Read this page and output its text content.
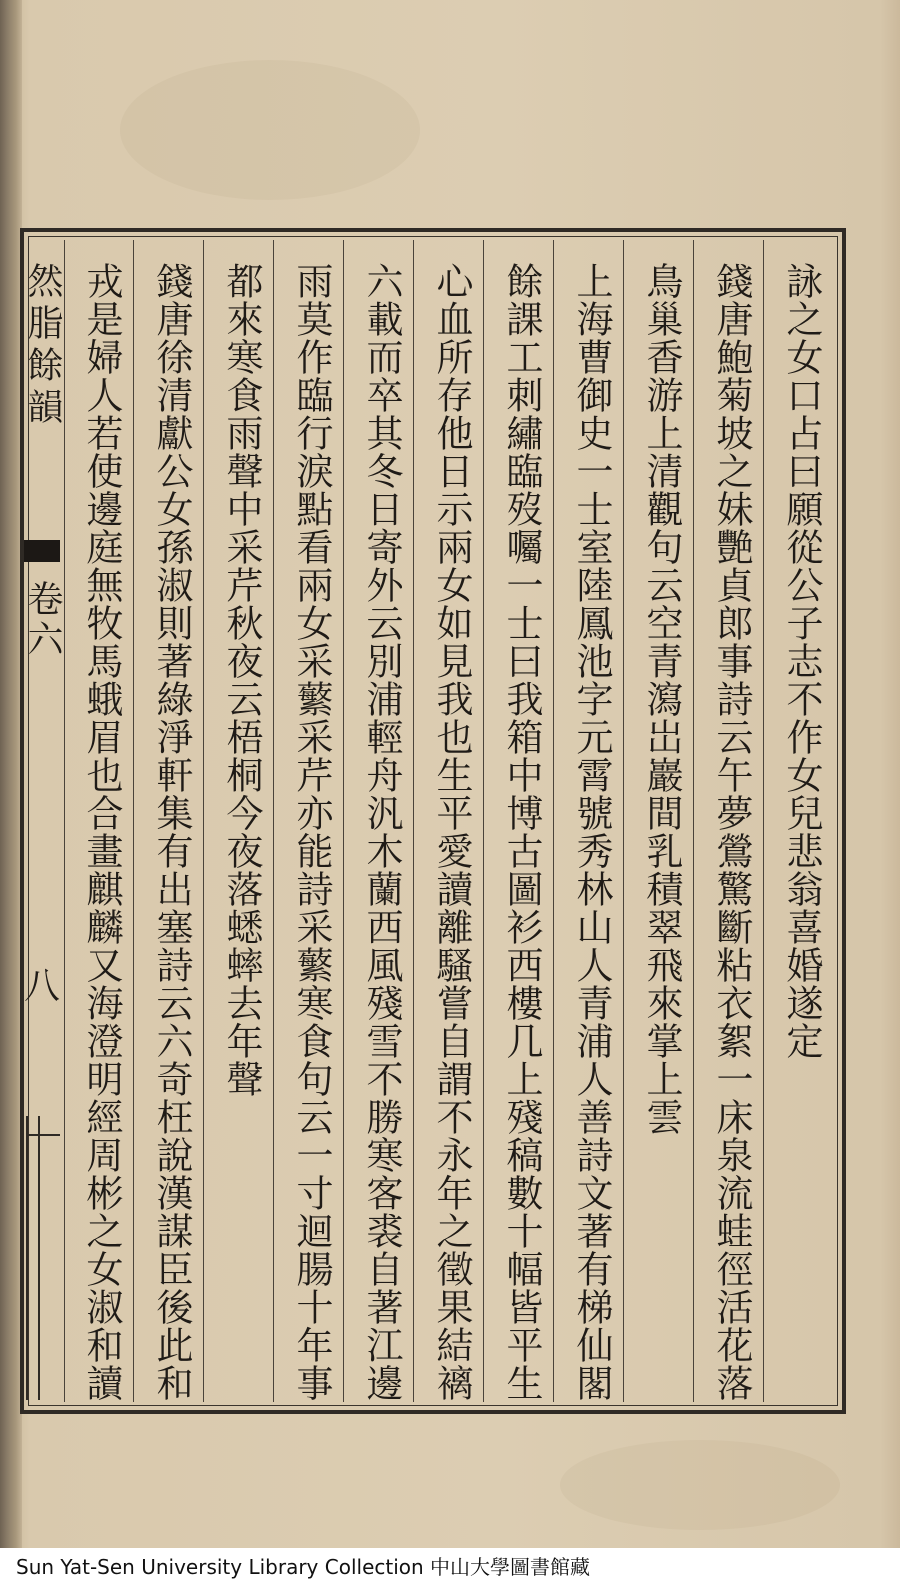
然脂餘韻
卷六
八	詠之女口占曰願從公子志不作女兒悲翁喜婚遂定
錢唐鮑菊坡之妹艷貞郎事詩云午夢鶯驚斷粘衣絮一床泉流蛙徑活花落
鳥巢香游上清觀句云空青瀉岀巖間乳積翠飛來掌上雲
上海曹御史一士室陸鳳池字元霄號秀林山人青浦人善詩文著有梯仙閣
餘課工刺繡臨歿囑一士曰我箱中博古圖衫西樓几上殘稿數十幅皆平生
心血所存他日示兩女如見我也生平愛讀離騷嘗自謂不永年之徵果結褵
六載而卒其冬日寄外云別浦輕舟汎木蘭西風殘雪不勝寒客裘自著江邊
雨莫作臨行淚點看兩女采蘩采芹亦能詩采蘩寒食句云一寸迴腸十年事
都來寒食雨聲中采芹秋夜云梧桐今夜落蟋蟀去年聲
錢唐徐清獻公女孫淑則著綠淨軒集有出塞詩云六奇枉說漢謀臣後此和
戎是婦人若使邊庭無牧馬蛾眉也合畫麒麟又海澄明經周彬之女淑和讀
Sun Yat-Sen University Library Collection 中山大學圖書館藏
